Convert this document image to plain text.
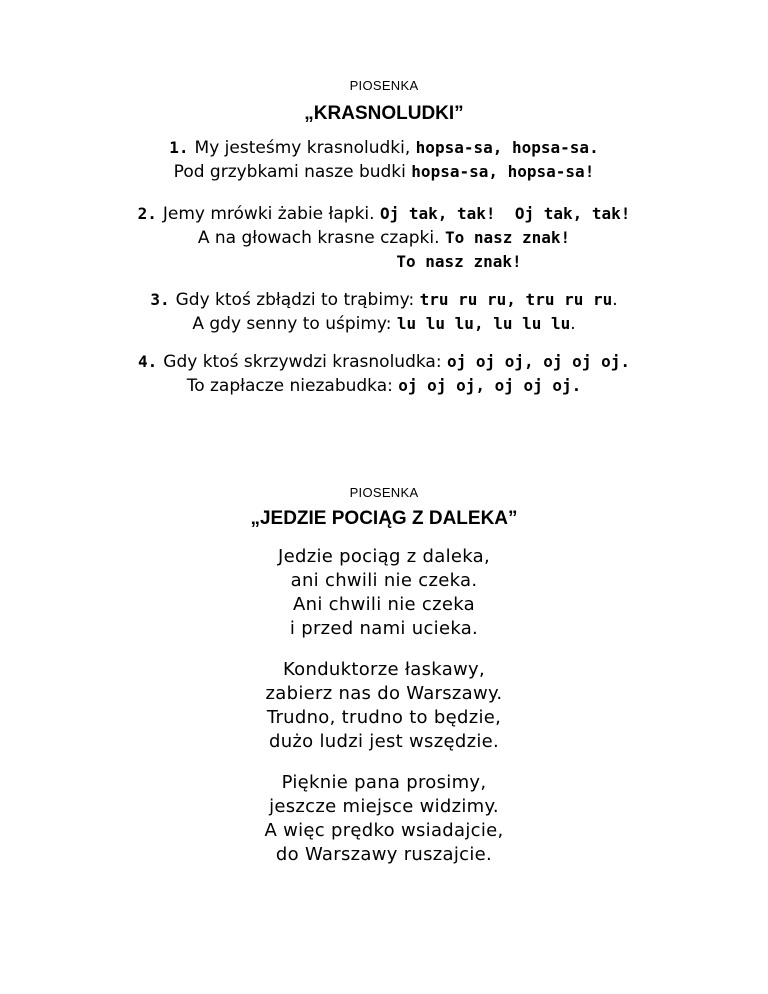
PIOSENKA
„KRASNOLUDKI”
1. My jesteśmy krasnoludki, hopsa-sa, hopsa-sa.
Pod grzybkami nasze budki hopsa-sa, hopsa-sa!
2. Jemy mrówki żabie łapki. Oj tak, tak!  Oj tak, tak!
A na głowach krasne czapki. To nasz znak!
To nasz znak!
3. Gdy ktoś zbłądzi to trąbimy: tru ru ru, tru ru ru.
A gdy senny to uśpimy: lu lu lu, lu lu lu.
4. Gdy ktoś skrzywdzi krasnoludka: oj oj oj, oj oj oj.
To zapłacze niezabudka: oj oj oj, oj oj oj.
PIOSENKA
„JEDZIE POCIĄG Z DALEKA”
Jedzie pociąg z daleka,
ani chwili nie czeka.
Ani chwili nie czeka
i przed nami ucieka.
Konduktorze łaskawy,
zabierz nas do Warszawy.
Trudno, trudno to będzie,
dużo ludzi jest wszędzie.
Pięknie pana prosimy,
jeszcze miejsce widzimy.
A więc prędko wsiadajcie,
do Warszawy ruszajcie.
